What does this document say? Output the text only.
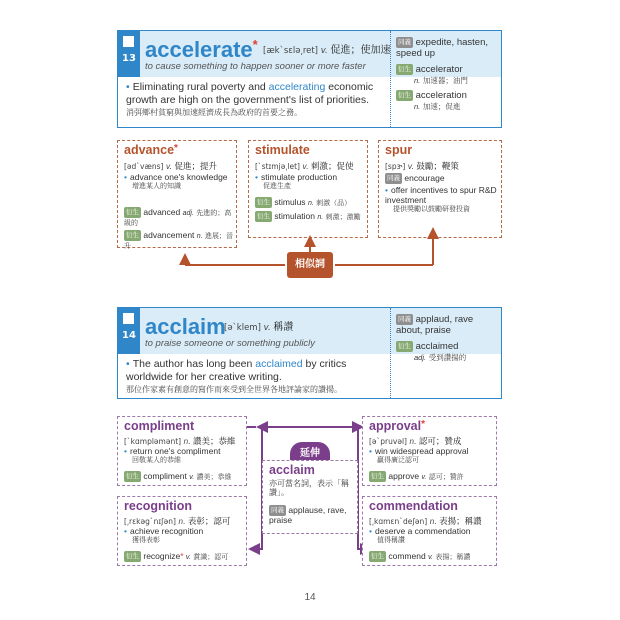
13 accelerate* [æk`sɛlə͵ret] v. 促進；使加速
to cause something to happen sooner or more faster
• Eliminating rural poverty and accelerating economic growth are high on the government's list of priorities.
消弭鄉村貧窮與加速經濟成長為政府的首要之務。
同義 expedite, hasten, speed up
衍生 accelerator
n. 加速器；油門
衍生 acceleration
n. 加速；促進
advance*
[əd`væns] v. 促進；提升
• advance one's knowledge
增進某人的知識
衍生 advanced adj. 先進的；高級的
衍生 advancement n. 進展；晉升
stimulate
[`stɪmjə͵let] v. 刺激；促使
• stimulate production
促進生產
衍生 stimulus n. 刺激（品）
衍生 stimulation n. 刺激；激勵
spur
[spɝ] v. 鼓勵；鞭策
同義 encourage
• offer incentives to spur R&D investment
提供獎勵以鼓勵研發投資
相似詞
14 acclaim
[ə`klem] v. 稱讚
to praise someone or something publicly
• The author has long been acclaimed by critics worldwide for her creative writing.
那位作家素有創意的寫作而來受到全世界各地評論家的讚揚。
同義 applaud, rave about, praise
衍生 acclaimed
adj. 受到讚揚的
延伸
acclaim
亦可當名詞，表示「稱讚」。
同義 applause, rave, praise
compliment
[`kɑmpləmənt] n. 讚美；恭維
• return one's compliment
回敬某人的恭維
衍生 compliment v. 讚美；恭維
approval*
[ə`pruvəl] n. 認可；贊成
• win widespread approval
贏得廣泛認可
衍生 approve v. 認可；贊許
recognition
[͵rɛkəg`nɪʃən] n. 表彰；認可
• achieve recognition
獲得表彰
衍生 recognize* v. 賞識；認可
commendation
[͵kɑmɛn`deʃən] n. 表揚；稱讚
• deserve a commendation
值得稱讚
衍生 commend v. 表揚；稱讚
14
